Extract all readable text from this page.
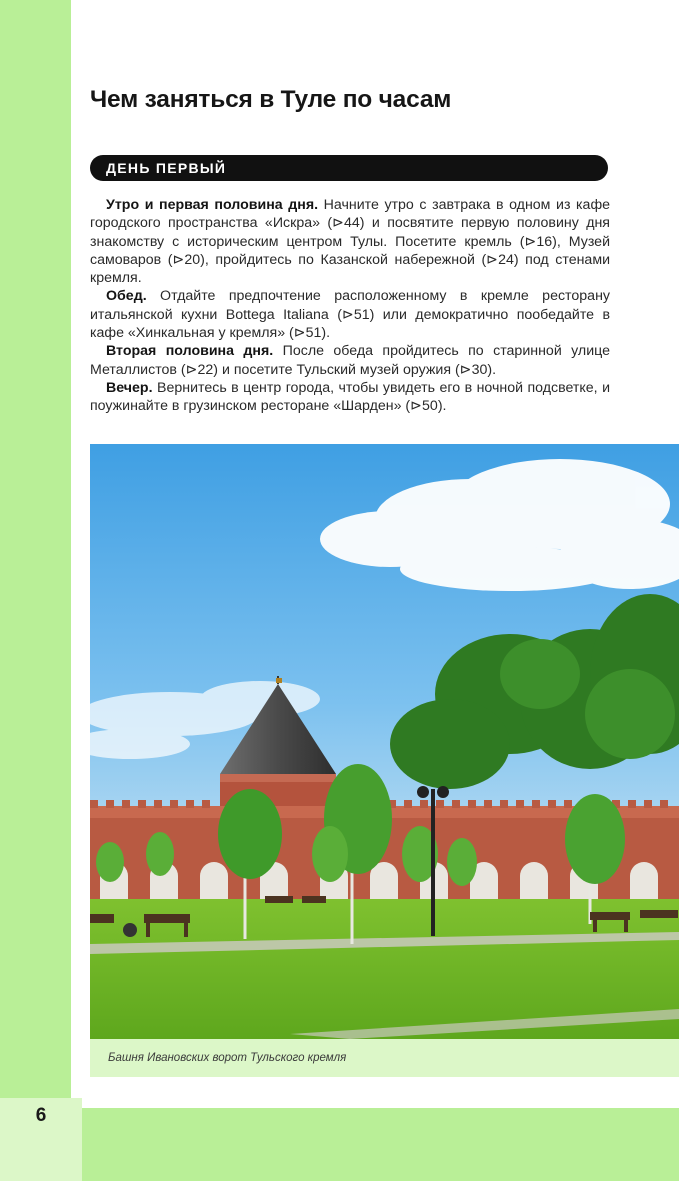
Чем заняться в Туле по часам
ДЕНЬ ПЕРВЫЙ

Утро и первая половина дня. Начните утро с завтрака в одном из кафе городского пространства «Искра» (⊳44) и посвятите первую половину дня знакомству с историческим центром Тулы. Посетите кремль (⊳16), Музей самоваров (⊳20), пройдитесь по Казанской набережной (⊳24) под стенами кремля.

Обед. Отдайте предпочтение расположенному в кремле ресторану итальянской кухни Bottega Italiana (⊳51) или демократично пообедайте в кафе «Хинкальная у кремля» (⊳51).

Вторая половина дня. После обеда пройдитесь по старинной улице Металлистов (⊳22) и посетите Тульский музей оружия (⊳30).

Вечер. Вернитесь в центр города, чтобы увидеть его в ночной подсветке, и поужинайте в грузинском ресторане «Шарден» (⊳50).

Башня Ивановских ворот Тульского кремля
6
